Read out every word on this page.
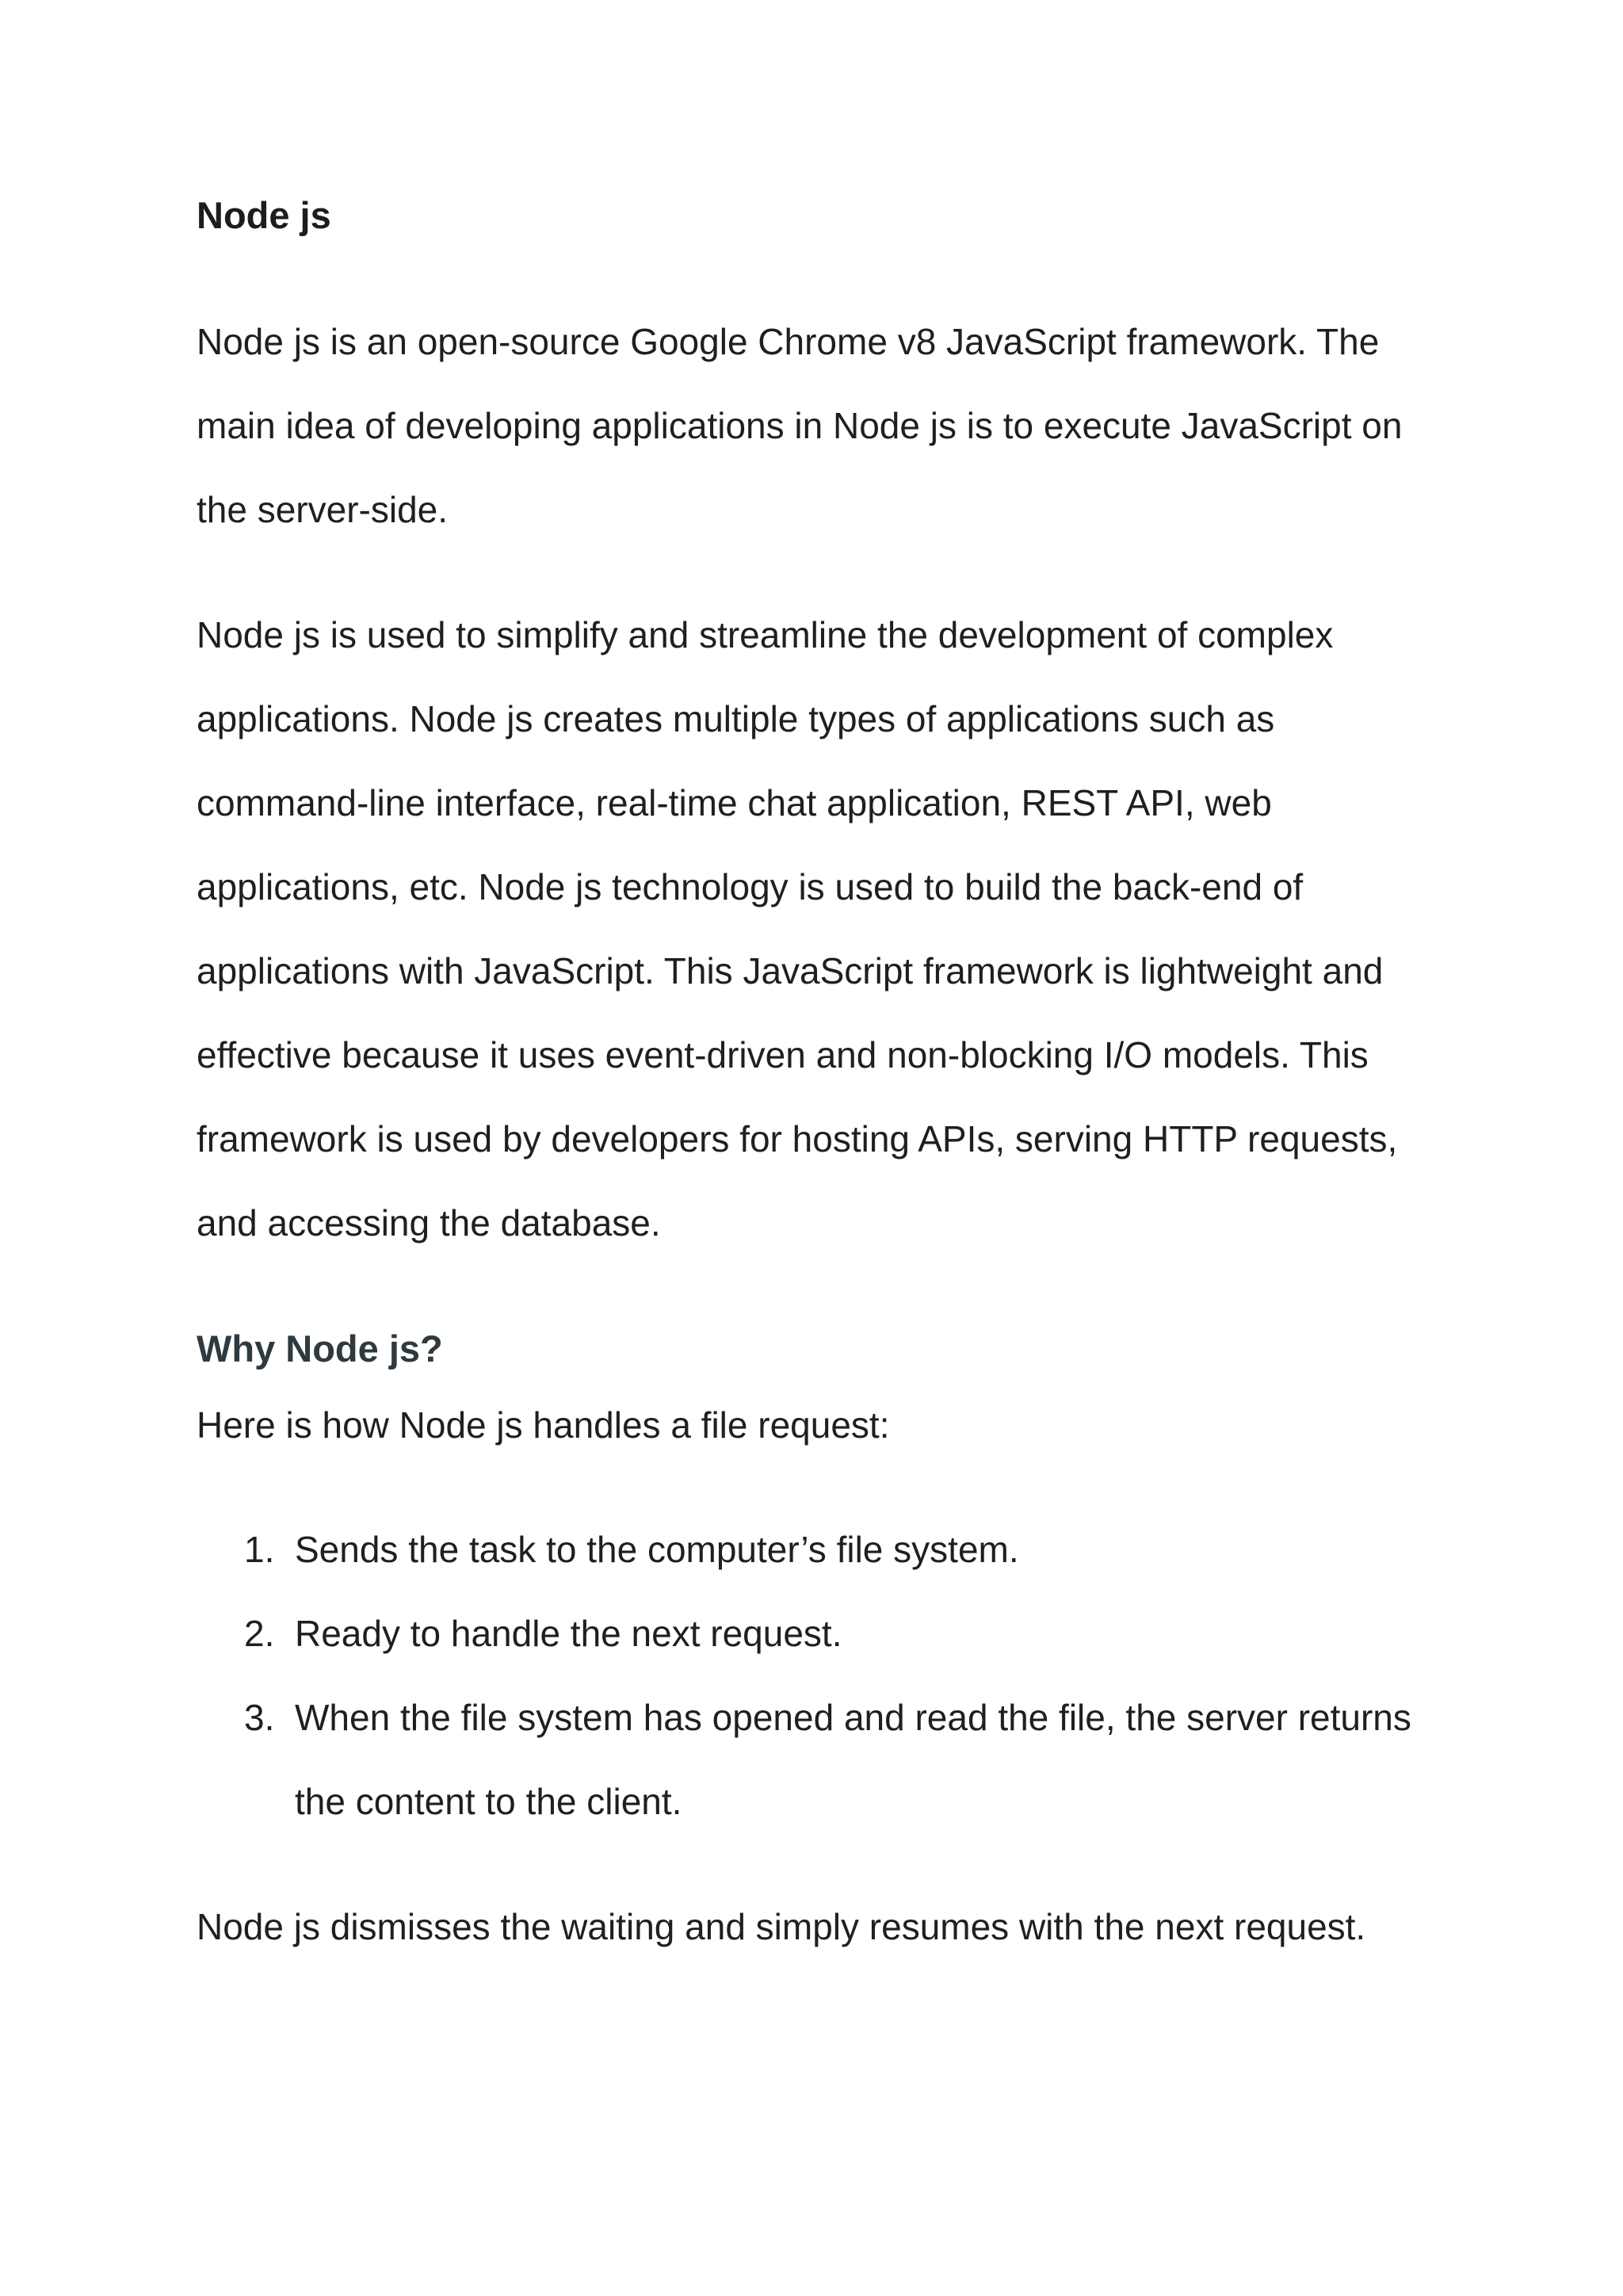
Node js

Node js is an open-source Google Chrome v8 JavaScript framework. The main idea of developing applications in Node js is to execute JavaScript on the server-side.

Node js is used to simplify and streamline the development of complex applications. Node js creates multiple types of applications such as command-line interface, real-time chat application, REST API, web applications, etc. Node js technology is used to build the back-end of applications with JavaScript. This JavaScript framework is lightweight and effective because it uses event-driven and non-blocking I/O models. This framework is used by developers for hosting APIs, serving HTTP requests, and accessing the database.

Why Node js?

Here is how Node js handles a file request:

1. Sends the task to the computer’s file system.
2. Ready to handle the next request.
3. When the file system has opened and read the file, the server returns the content to the client.

Node js dismisses the waiting and simply resumes with the next request.
